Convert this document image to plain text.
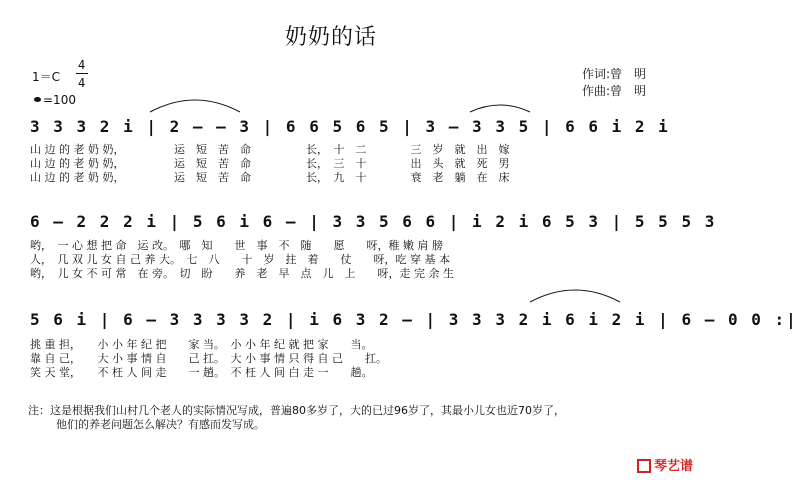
奶奶的话
1＝C
4
4
=100
作词:曾　明
作曲:曾　明
3 3 3 2 i | 2 – – 3 | 6 6 5 6 5 | 3 – 3 3 5 | 6 6 i 2 i
山 边 的 老 奶 奶，　　　　　运　短　苦　命　　　　　长，　十　二　　　　三　岁　就　出　嫁
山 边 的 老 奶 奶，　　　　　运　短　苦　命　　　　　长，　三　十　　　　出　头　就　死　男
山 边 的 老 奶 奶，　　　　　运　短　苦　命　　　　　长，　九　十　　　　衰　老　躺　在　床
6 – 2 2 2 i | 5 6 i 6 – | 3 3 5 6 6 | i 2 i 6 5 3 | 5 5 5 3
哟，　一 心 想 把 命　运 改。　哪　知　　世　事　不　随　　愿　　呀，稚 嫩 肩 膀
人，　几 双 儿 女 自 己 养 大。　七　八　　十　岁　拄　着　　仗　　呀，吃 穿 基 本
哟，　儿 女 不 可 常　在 旁。　切　盼　　养　老　早　点　儿　上　　呀，走 完 余 生
5 6 i | 6 – 3 3 3 3 2 | i 6 3 2 – | 3 3 3 2 i 6 i 2 i | 6 – 0 0 :|
挑 重 担，　　小 小 年 纪 把　　家 当。　小 小 年 纪 就 把 家　　当。
靠 自 己，　　大 小 事 情 自　　己 扛。　大 小 事 情 只 得 自 己　　扛。
笑 天 堂，　　不 枉 人 间 走　　一 趟。　不 枉 人 间 白 走 一　　趟。
注：这是根据我们山村几个老人的实际情况写成，普遍80多岁了，大的已过96岁了，其最小儿女也近70岁了，
他们的养老问题怎么解决？有感而发写成。
琴艺谱
